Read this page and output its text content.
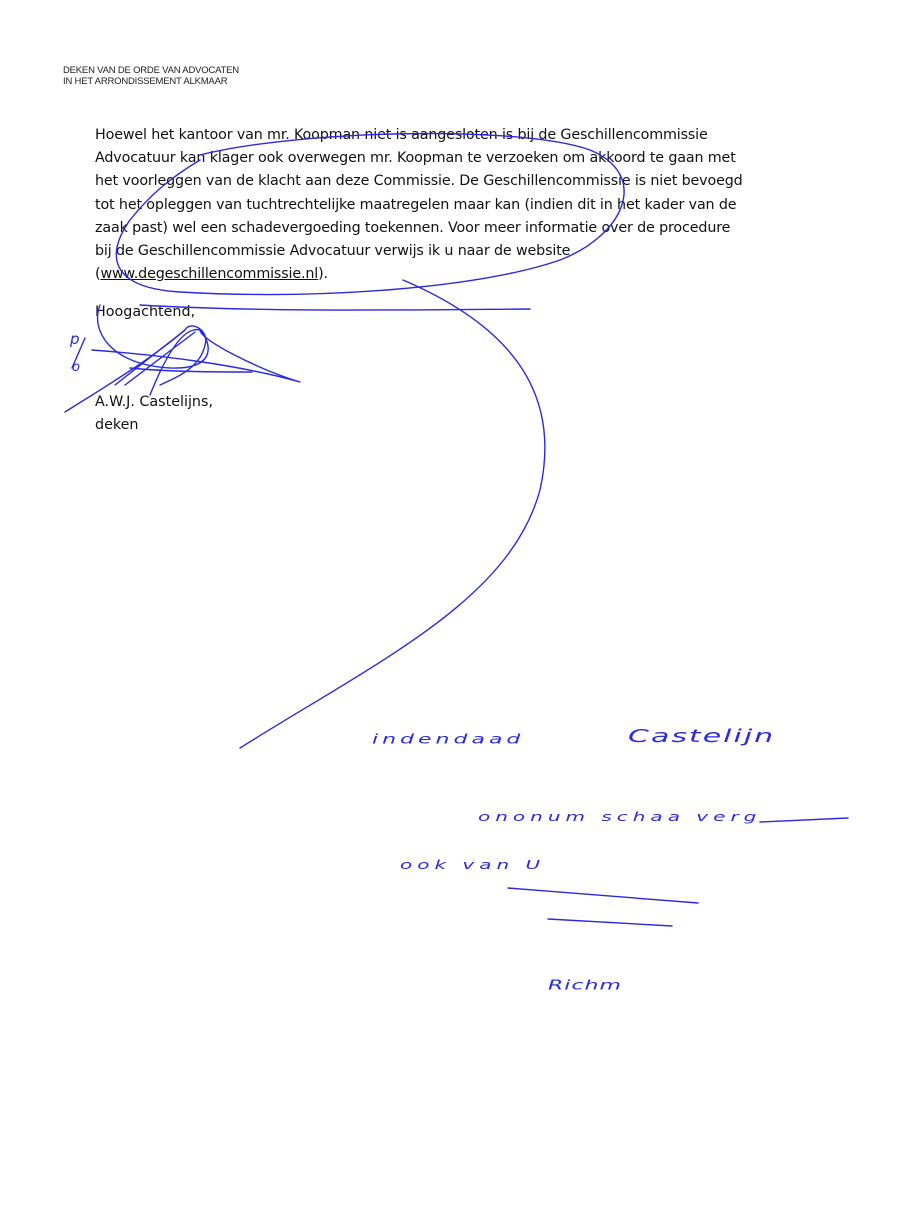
DEKEN VAN DE ORDE VAN ADVOCATEN
IN HET ARRONDISSEMENT ALKMAAR
Hoewel het kantoor van mr. Koopman niet is aangesloten is bij de Geschillencommissie
Advocatuur kan klager ook overwegen mr. Koopman te verzoeken om akkoord te gaan met
het voorleggen van de klacht aan deze Commissie. De Geschillencommissie is niet bevoegd
tot het opleggen van tuchtrechtelijke maatregelen maar kan (indien dit in het kader van de
zaak past) wel een schadevergoeding toekennen. Voor meer informatie over de procedure
bij de Geschillencommissie Advocatuur verwijs ik u naar de website
(www.degeschillencommissie.nl).
Hoogachtend,
A.W.J. Castelijns,
deken
p
o
indendaad	Castelijn
ononum schaa verg
ook van U
Richm
